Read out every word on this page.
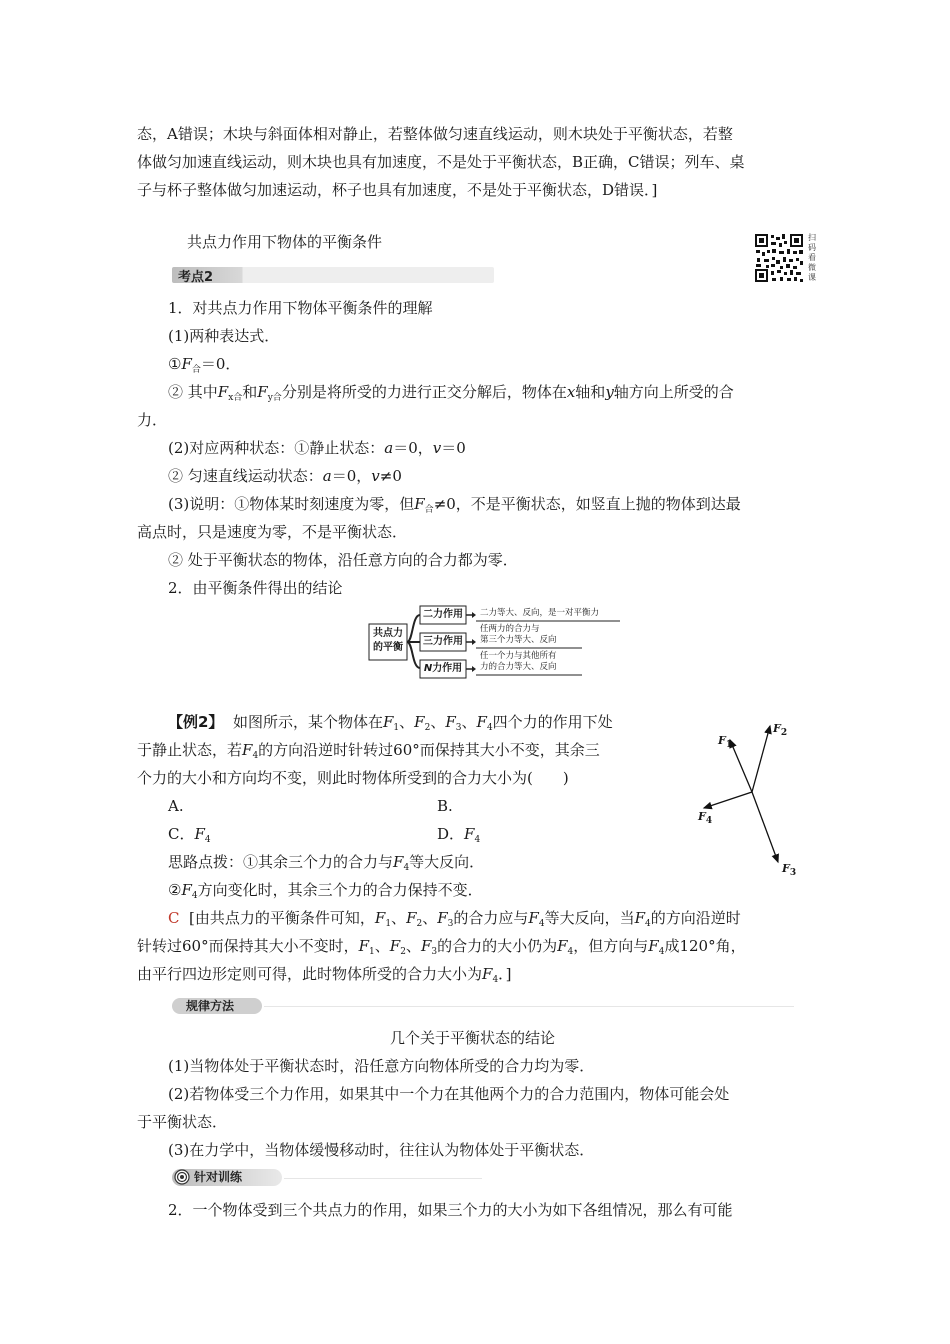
态，A错误；木块与斜面体相对静止，若整体做匀速直线运动，则木块处于平衡状态，若整
体做匀加速直线运动，则木块也具有加速度，不是处于平衡状态，B正确，C错误；列车、桌
子与杯子整体做匀加速运动，杯子也具有加速度，不是处于平衡状态，D错误．]
共点力作用下物体的平衡条件	扫码看微课
考点2
1．对共点力作用下物体平衡条件的理解
(1)两种表达式．
$①F_合=0$．
② 其中$F_{x合}$和$F_{y合}$分别是将所受的力进行正交分解后，物体在x轴和y轴方向上所受的合
力．
(2)对应两种状态：①静止状态：a＝0，v＝0
② 匀速直线运动状态：a＝0，v≠0
(3)说明：①物体某时刻速度为零，但$F_合\ne 0$，不是平衡状态，如竖直上抛的物体到达最
高点时，只是速度为零，不是平衡状态．
② 处于平衡状态的物体，沿任意方向的合力都为零．
2．由平衡条件得出的结论
共点力
的平衡
二力作用
三力作用
N力作用
二力等大、反向，是一对平衡力
任两力的合力与
第三个力等大、反向
任一个力与其他所有
力的合力等大、反向
【例2】 如图所示，某个物体在$F_1$、$F_2$、$F_3$、$F_4$四个力的作用下处
于静止状态，若$F_4$的方向沿逆时针转过60°而保持其大小不变，其余三
个力的大小和方向均不变，则此时物体所受到的合力大小为(　　)
A.	B.
C．$F_4$	D．$F_4$
思路点拨：①其余三个力的合力与$F_4$等大反向．
$②F_4$方向变化时，其余三个力的合力保持不变．
C [由共点力的平衡条件可知，$F_1$、$F_2$、$F_3$的合力应与$F_4$等大反向，当$F_4$的方向沿逆时
针转过60°而保持其大小不变时，$F_1$、$F_2$、$F_3$的合力的大小仍为$F_4$，但方向与$F_4$成120°角，
由平行四边形定则可得，此时物体所受的合力大小为$F_4$．]
$F_1$
$F_2$
$F_3$
$F_4$
规律方法
几个关于平衡状态的结论
(1)当物体处于平衡状态时，沿任意方向物体所受的合力均为零．
(2)若物体受三个力作用，如果其中一个力在其他两个力的合力范围内，物体可能会处
于平衡状态．
(3)在力学中，当物体缓慢移动时，往往认为物体处于平衡状态．
针对训练
2．一个物体受到三个共点力的作用，如果三个力的大小为如下各组情况，那么有可能
